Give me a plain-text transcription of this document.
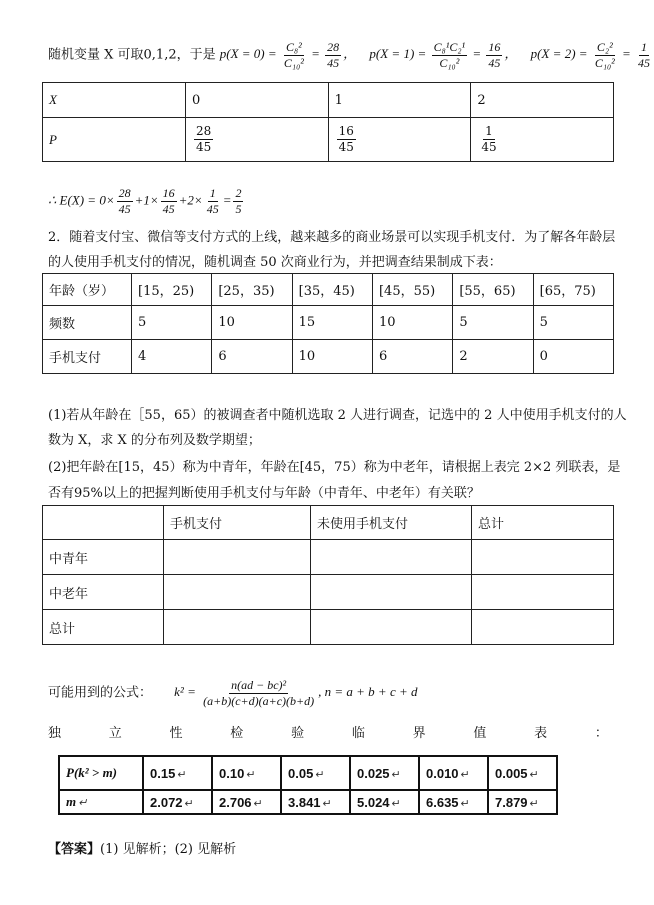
随机变量 X 可取0,1,2，于是 $p(X = 0) = \frac{\text{C₈²}}{\text{C₁₀²}} = \frac{28}{45}$ ， $p(X = 1) = \frac{\text{C₈¹C₂¹}}{\text{C₁₀²}} = \frac{16}{45}$ ， $p(X = 2) = \frac{\text{C₂²}}{\text{C₁₀²}} = \frac{1}{45}$
X	0	1	2
P	$\frac{28}{45}$	$\frac{16}{45}$	$\frac{1}{45}$
∴ $E(X) = 0\times \frac{28}{45} +1\times \frac{16}{45} +2\times \frac{1}{45} = \frac{2}{5}$
2．随着支付宝、微信等支付方式的上线，越来越多的商业场景可以实现手机支付．为了解各年龄层
的人使用手机支付的情况，随机调查 50 次商业行为，并把调查结果制成下表：
年龄（岁）	[15，25)	[25，35)	[35，45)	[45，55)	[55，65)	[65，75)
频数	5	10	15	10	5	5
手机支付	4	6	10	6	2	0
(1)若从年龄在［55，65）的被调查者中随机选取 2 人进行调查，记选中的 2 人中使用手机支付的人
数为 X，求 X 的分布列及数学期望；
(2)把年龄在[15，45）称为中青年，年龄在[45，75）称为中老年，请根据上表完 2×2 列联表，是
否有95%以上的把握判断使用手机支付与年龄（中青年、中老年）有关联？
	手机支付	未使用手机支付	总计
中青年			
中老年			
总计			
可能用到的公式： $k^2 = \frac{\text{n(ad − bc)²}}{(a+b)(c+d)(a+c)(b+d)}$ , n = a + b + c + d
独	立	性	检	验	临	界	值	表	：
P(k² > m)	0.15 ↵	0.10 ↵	0.05 ↵	0.025 ↵	0.010 ↵	0.005 ↵
m ↵	2.072 ↵	2.706 ↵	3.841 ↵	5.024 ↵	6.635 ↵	7.879 ↵
【答案】(1) 见解析；(2) 见解析
